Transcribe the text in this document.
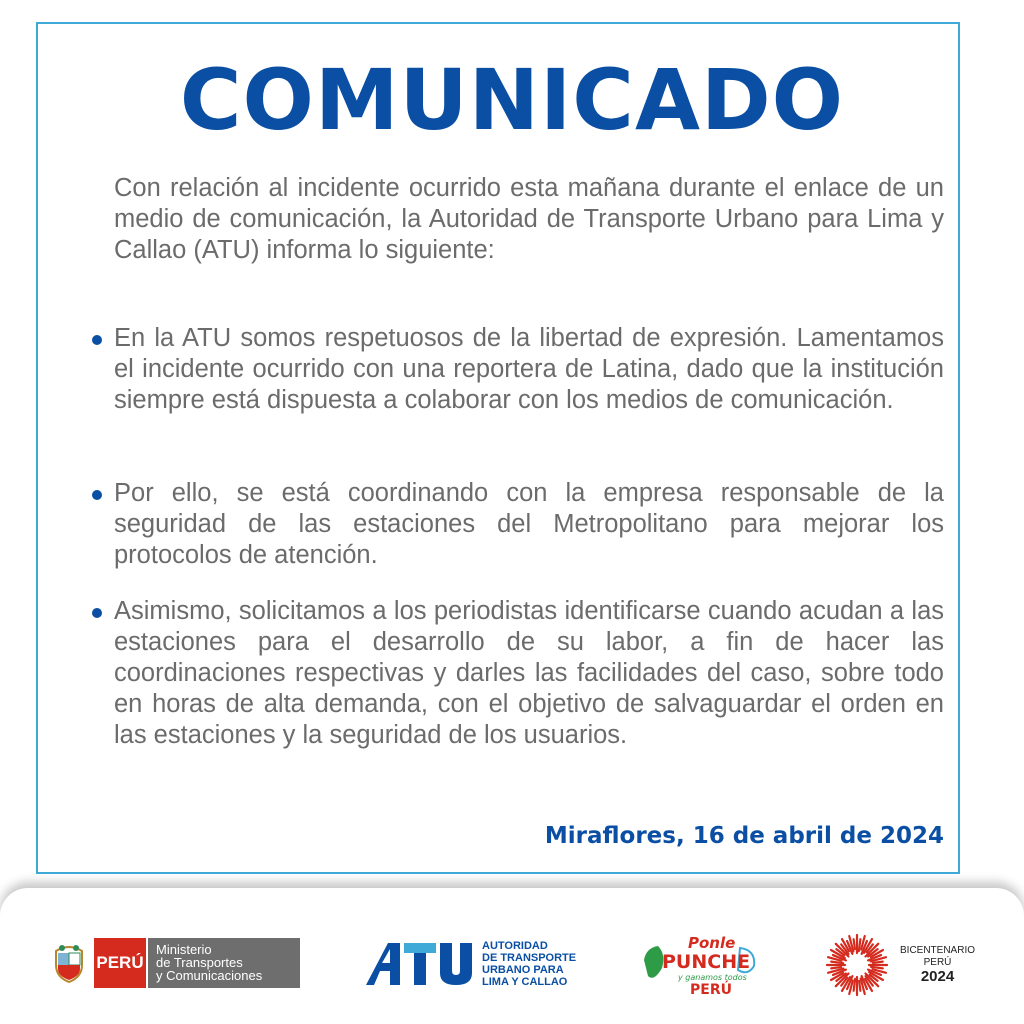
COMUNICADO
Con relación al incidente ocurrido esta mañana durante el enlace de un medio de comunicación, la Autoridad de Transporte Urbano para Lima y Callao (ATU) informa lo siguiente:
En la ATU somos respetuosos de la libertad de expresión. Lamentamos el incidente ocurrido con una reportera de Latina, dado que la institución siempre está dispuesta a colaborar con los medios de comunicación.
Por ello, se está coordinando con la empresa responsable de la seguridad de las estaciones del Metropolitano para mejorar los protocolos de atención.
Asimismo, solicitamos a los periodistas identificarse cuando acudan a las estaciones para el desarrollo de su labor, a fin de hacer las coordinaciones respectivas y darles las facilidades del caso, sobre todo en horas de alta demanda, con el objetivo de salvaguardar el orden en las estaciones y la seguridad de los usuarios.
Miraflores, 16 de abril de 2024
PERÚ
Ministerio
de Transportes
y Comunicaciones
AUTORIDAD
DE TRANSPORTE
URBANO PARA
LIMA Y CALLAO
Ponle
PUNCHE
y ganamos todos
PERÚ
BICENTENARIO
PERÚ
2024
